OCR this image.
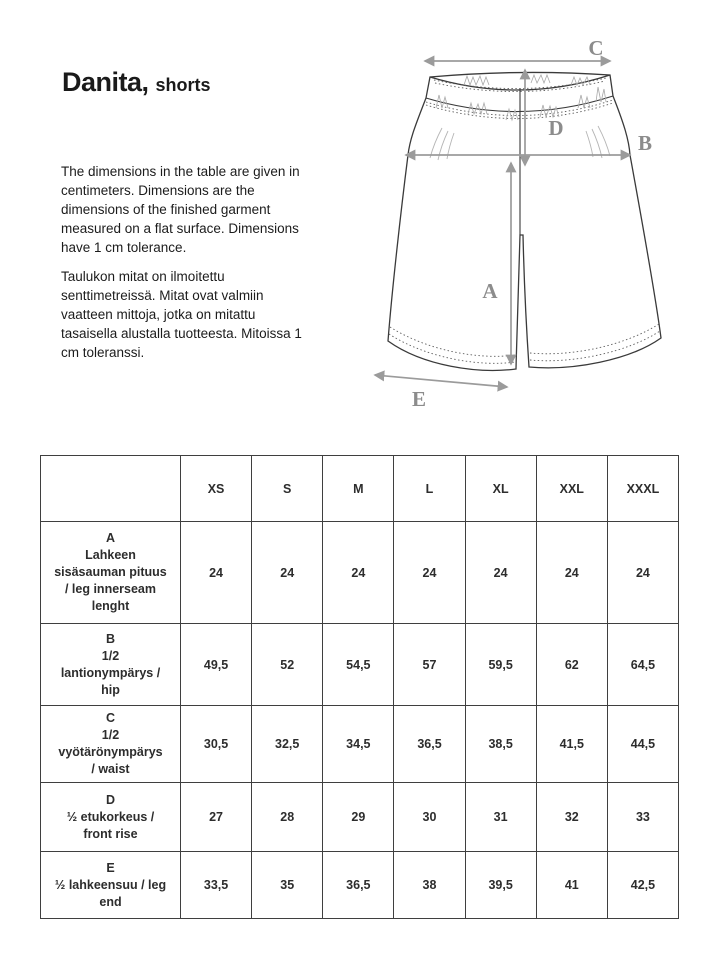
Danita, shorts

The dimensions in the table are given in centimeters. Dimensions are the dimensions of the finished garment measured on a flat surface. Dimensions have 1 cm tolerance.

Taulukon mitat on ilmoitettu senttimetreissä. Mitat ovat valmiin vaatteen mittoja, jotka on mitattu tasaisella alustalla tuotteesta. Mitoissa 1 cm toleranssi.

C
D
B
A
E
	XS	S	M	L	XL	XXL	XXXL

A
Lahkeen
sisäsauman pituus
/ leg innerseam
lenght	24	24	24	24	24	24	24

B
1/2
lantionympärys /
hip	49,5	52	54,5	57	59,5	62	64,5

C
1/2
vyötärönympärys
/ waist	30,5	32,5	34,5	36,5	38,5	41,5	44,5

D
½ etukorkeus /
front rise	27	28	29	30	31	32	33

E
½ lahkeensuu / leg
end	33,5	35	36,5	38	39,5	41	42,5
